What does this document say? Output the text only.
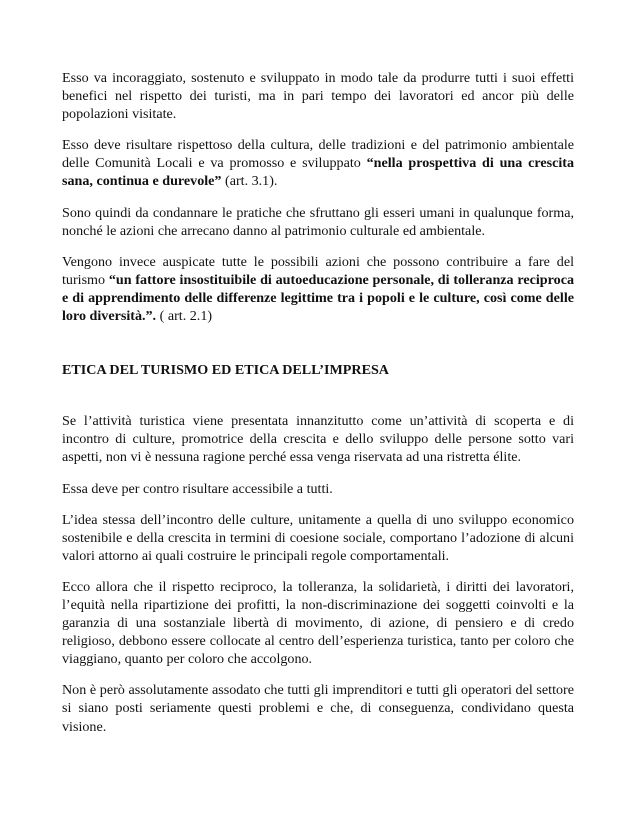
Esso va incoraggiato, sostenuto e sviluppato in modo tale da produrre tutti i suoi effetti benefici nel rispetto dei turisti, ma in pari tempo dei lavoratori ed ancor più delle popolazioni visitate.

Esso deve risultare rispettoso della cultura, delle tradizioni e del patrimonio ambientale delle Comunità Locali e va promosso e sviluppato “nella prospettiva di una crescita sana, continua e durevole” (art. 3.1).

Sono quindi da condannare le pratiche che sfruttano gli esseri umani in qualunque forma, nonché le azioni che arrecano danno al patrimonio culturale ed ambientale.

Vengono invece auspicate tutte le possibili azioni che possono contribuire a fare del turismo “un fattore insostituibile di autoeducazione personale, di tolleranza reciproca e di apprendimento delle differenze legittime tra i popoli e le culture, così come delle loro diversità.”. ( art. 2.1)

ETICA DEL TURISMO ED ETICA DELL’IMPRESA

Se l’attività turistica viene presentata innanzitutto come un’attività di scoperta e di incontro di culture, promotrice della crescita e dello sviluppo delle persone sotto vari aspetti, non vi è nessuna ragione perché essa venga riservata ad una ristretta élite.

Essa deve per contro risultare accessibile a tutti.

L’idea stessa dell’incontro delle culture, unitamente a quella di uno sviluppo economico sostenibile e della crescita in termini di coesione sociale, comportano l’adozione di alcuni valori attorno ai quali costruire le principali regole comportamentali.

Ecco allora che il rispetto reciproco, la tolleranza, la solidarietà, i diritti dei lavoratori, l’equità nella ripartizione dei profitti, la non-discriminazione dei soggetti coinvolti e la garanzia di una sostanziale libertà di movimento, di azione, di pensiero e di credo religioso, debbono essere collocate al centro dell’esperienza turistica, tanto per coloro che viaggiano, quanto per coloro che accolgono.

Non è però assolutamente assodato che tutti gli imprenditori e tutti gli operatori del settore si siano posti seriamente questi problemi e che, di conseguenza, condividano questa visione.
